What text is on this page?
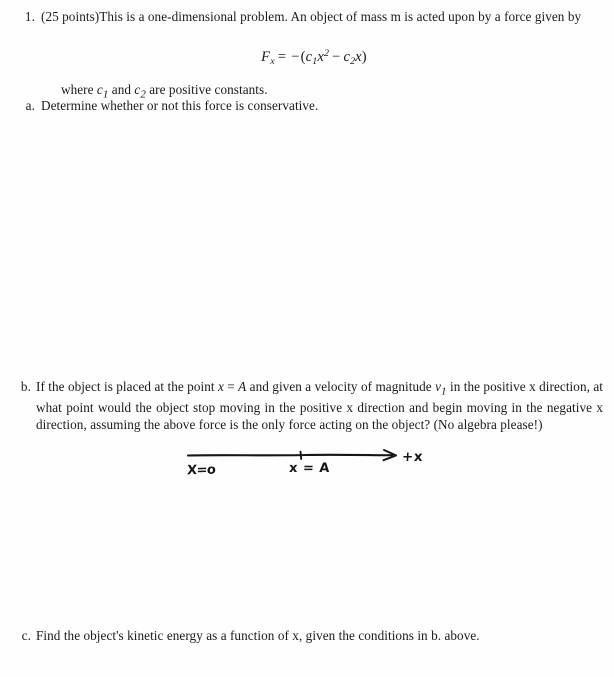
1. (25 points)This is a one-dimensional problem. An object of mass m is acted upon by a force given by
$F_x = -(c_1x^2 - c_2x)$
where $c_1$ and $c_2$ are positive constants.
a. Determine whether or not this force is conservative.
b. If the object is placed at the point x = A and given a velocity of magnitude $v_1$ in the positive x direction, at what point would the object stop moving in the positive x direction and begin moving in the negative x direction, assuming the above force is the only force acting on the object? (No algebra please!)

X=o	x = A
+x
c. Find the object's kinetic energy as a function of x, given the conditions in b. above.
